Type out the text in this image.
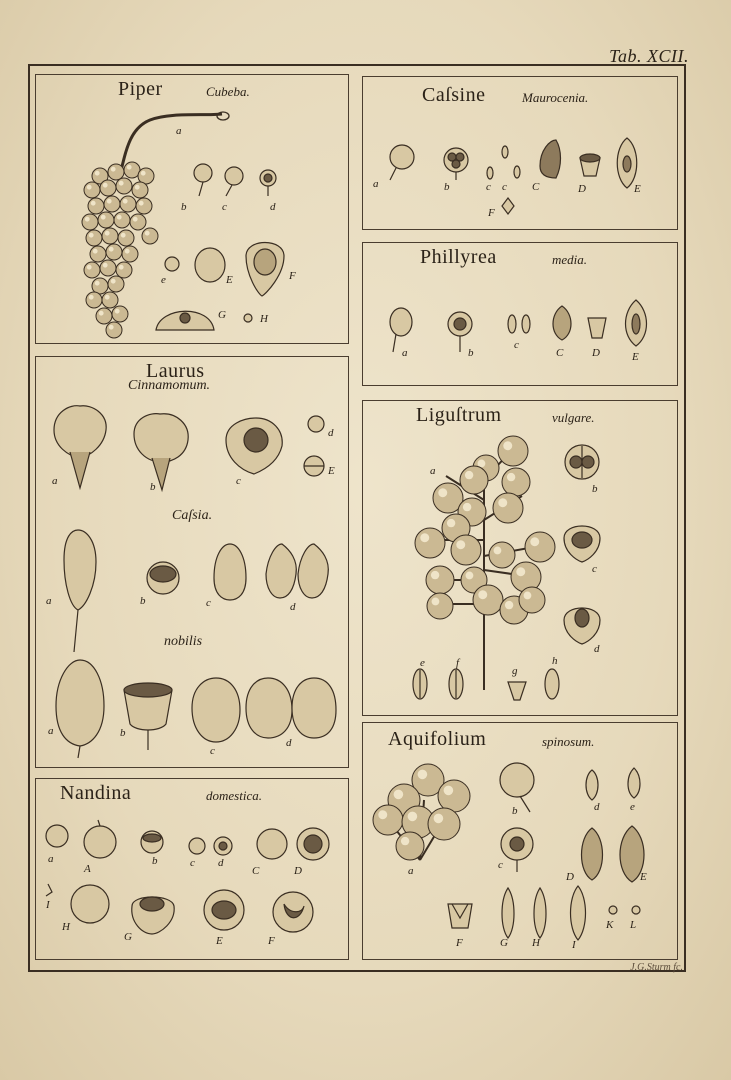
Tab. XCII.
J.G.Sturm fc.
Piper	Cubeba.
a
b	c	d
e	E	F
G	H
Caſsine	Maurocenia.
a	b	c c C	D	E
F
Phillyrea	media.
a	b
c
C	D	E
Laurus
Cinnamomum.
Caſsia.
nobilis
a	b	c
d
E
a	b	c	d
a	b
c
d
Liguſtrum	vulgare.
a
b
c
d
e	f
g
h
Nandina	domestica.
a
A
b	c d
C	D
I
H
G	E	F
Aquifolium	spinosum.
a
b
c
d	e
D	E
F	G H	I
K L
